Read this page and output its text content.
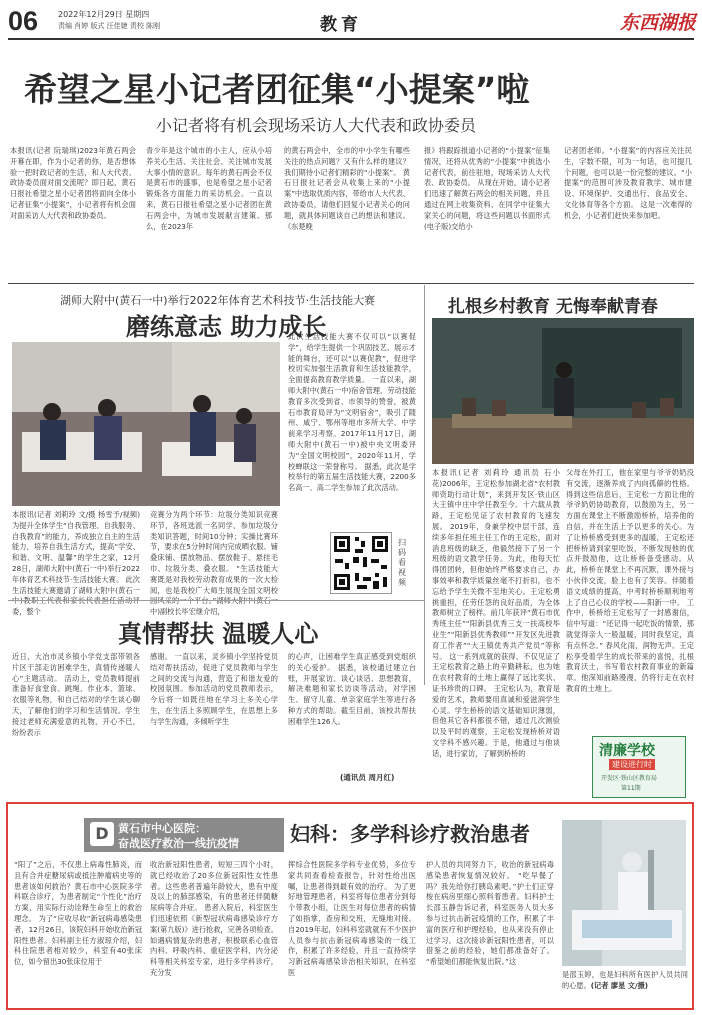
06 2022年12月29日 星期四
责编 肖婷 版式 汪佳婕 责校 陈刚	教育	东西湖报
希望之星小记者团征集“小提案”啦
小记者将有机会现场采访人大代表和政协委员
本报讯(记者 阮瑞琪)2023年黄石两会开幕在即，作为小记者的你，是否想体验一把时政记者的生活，和人大代表、政协委员面对面交流呢？即日起，黄石日报社希望之星小记者团将面向全体小记者征集“小提案”，小记者将有机会面对面采访人大代表和政协委员。
青少年是这个城市的小主人，应从小培养关心生活、关注社会、关注城市发展大事小情的意识。每年的黄石两会不仅是黄石市的盛事，也是希望之星小记者锻炼各方面能力的采访机会。一直以来，黄石日报社希望之星小记者团在黄石两会中，为城市发展献言建策。那么，在2023年
的黄石两会中，全市的中小学生有哪些关注的热点问题？又有什么样的建议？我们期待小记者们精彩的“小提案”。 黄石日报社记者会从收集上来的“小提案”中选取优质内容，带给市人大代表、政协委员，请他们回复小记者关心的问题，就具体问题谈自己的想法和建议。《东楚晚
报》将跟踪报道小记者的“小提案”征集情况，还将从优秀的“小提案”中挑选小记者代表，前往驻地，现场采访人大代表、政协委员。 从现在开始，请小记者们迅速了解黄石两会的相关问题，并且通过在网上收集资料、在同学中征集大家关心的问题，将这些问题以书面形式(电子版)交给小
记者团老师。“小提案”的内容应关注民生，字数不限，可为一句话，也可提几个问题，也可以是一份完整的建议。“小提案”的范围可涉及教育教学、城市建设、环境保护、交通出行、食品安全、文化体育等各个方面。 这是一次难得的机会，小记者们赶快来参加吧。
湖师大附中(黄石一中)举行2022年体育艺术科技节·生活技能大赛
磨练意志 助力成长
本报讯(记者 刘莉玲 文/摄 杨雪予/视频)为提升全体学生“自我管理、自我服务、自我教育”的能力，养成独立自主的生活能力，培养自我生活方式，提高“学安、和谐、文明、温馨”的学生之家，12月28日，湖师大附中(黄石一中)举行2022年体育艺术科技节·生活技能大赛。 此次生活技能大赛邀请了湖师大附中(黄石一 委，整个
竞赛分为两个环节：垃圾分类知识竞赛环节，各班选派一名同学，参加垃圾分类知识答题，时间10分钟；实操比赛环节，要求在5分钟时间内完成晒衣服、铺叠床铺、摆放物品、摆放鞋子、悬挂毛巾、垃圾分类、叠衣服。 “生活技能大赛既是对我校劳动教育成果的一次大检阅，也是我校广大师生展现全国文明校 中)副校长毕宏继介绍，
此次生活技能大赛不仅可以“以赛促学”，给学生提供一个巩固技艺、展示才能的舞台，还可以“以赛促教”，促进学校切实加强生活教育和生活技能教学，全面提高教育教学质量。 一直以来，湖师大附中(黄石一中)宿舍管理、劳动技能教育多次受到省、市领导的赞誉，被黄石市教育局评为“文明宿舍”，吸引了随州、咸宁、鄂州等地市多所大学、中学前来学习考察。2017年11月17日，湖师大附中(黄石一中)被中央文明委评为“全国文明校园”，2020年11月，学校蝉联这一荣誉称号。 据悉，此次是学校举行的第五届生活技能大赛，2200多名高一、高二学生参加了此次活动。
扫码看视频
扎根乡村教育 无悔奉献青春
本报讯(记者 刘莉玲 通讯员 石小花)2006年，王定松参加湖北省“农村教师资助行动计划”，来到开发区·铁山区大王镇中庄中学任教至今。十六载从教路，王定松见证了农村教育的飞速发展。 2019年，身兼学校中层干部，连续多年担任班主任工作的王定松，面对消息班级的缺乏，他毅然接下了另一个班级的语文教学任务。为此，他每天忙得团团转，但他始终严格要求自己，办事效率和教学质量丝毫不打折扣，也不忘给予学生关微不至地关心。王定松勇挑重担，任劳任怨的良好品质，为全体教师树立了榜样。前几年获评“黄石市优秀班主任”“阳新县优秀三支一扶高校毕业生”“阳新县优秀教师”“开发区先进教育工作者”“大王镇优秀共产党员”等称号。 这一系列成就的获得，不仅见证了王定松教育之路上的辛勤耕耘，也为她在农村教育的土地上赢得了远比奖状、证书珍贵的口碑。 王定松认为，教育是爱的艺术，教师要用真诚和爱滋润学生心灵。学生桥桥的语文基础知识薄弱，但他其它各科都很不错，通过几次测验以及平时的观察，王定松发现桥桥对语文学科不感兴趣。于是，他通过与他谈话，进行家访，了解到桥桥的
父母在外打工，他在家里与爷爷奶奶没有交流，逐渐养成了内向孤僻的性格。 得到这些信息后，王定松一方面让他的爷爷奶奶协助教育，以鼓励为主，另一方面在课堂上不断激励桥桥，培养他的自信，并在生活上予以更多的关心。为了让桥桥感受到更多的温暖，王定松还把桥桥请到家里吃饭，不断发现他的优点并鼓励他，这让桥桥备受感动。从此，桥桥在课堂上不再沉默，课外接与小伙伴交流，脸上也有了笑容。伴随着语文成绩的提高，中考时桥桥顺利地考上了自己心仪的学校——阳新一中。 工作中，桥桥给王定松写了一封感谢信，信中写道：“还记得一起吃饭的情景，那就觉得亲人一般温暖，同时我坚定，真有点怀念。” 春风化雨，润物无声。王定松享受着学生的成长带来的喜悦，扎根教育沃土，书写着农村教育事业的新篇章。他深知前路漫漫，仍将行走在农村教育的土地上。
清廉学校
建设进行时
开发区·铁山区教育局
第11期
真情帮扶 温暖人心
近日，大冶市灵乡镇小学党支部带领各片区干部走访困难学生，真情传递暖人心”主题活动。 活动上，党员教师提前准备好食堂食、跳绳、作业本、篮球、衣服等礼物，和自己结对的学生谈心聊天，了解他们的学习和生活情况。学生接过老师充满爱意的礼物，开心不已，纷纷表示
感谢。 一直以来，灵乡镇小学坚持党员结对帮扶活动，促进了党员教师与学生之间的交流与沟通，营造了和谐友爱的校园氛围。参加活动的党员教师表示，今后将一如既往地在学习上多关心学生，在生活上多照顾学生，在思想上多与学生沟通，多倾听学生
的心声，让困难学生真正感受到党组织的关心爱护。 据悉，该校通过建立台账，开展家访、谈心谈话、思想教育，解决难题和家长访谈等活动，对学困生、留守儿童、单亲家庭学生等进行各种方式的帮助。截至目前，该校共帮扶困难学生126人。
(通讯员 周月红)
D 黄石市中心医院：
奋战医疗救治一线抗疫情	妇科：多学科诊疗救治患者
“阳了”之后，不仅患上病毒性肺炎，而且有合并症糖尿病或抵注肿瘤病史等的患者该如何救治？黄石市中心医院多学科联合诊疗，为患者制定“个性化”治疗方案，用实际行动诠释生命至上的救治理念。 为了“应收尽收”新冠病毒感染患者，12月26日，该院妇科开始收治新冠阳性患者。妇科副主任方淑琼介绍，妇科住院患者相对较少，科室有40张床位，如今留出30张床位用于
收治新冠阳性患者，短短三四个小时，就已经收治了20多位新冠阳性女性患者。这些患者普遍年龄较大，患有中度及以上的肺部感染，有的患者还伴随糖尿病等合并症。 患者入院后，科室医生们迅速依照《新型冠状病毒感染诊疗方案(第九版)》进行抢救，完善各项检查。如遇病情复杂的患者，积极联系心血管内科、呼吸内科、重症医学科、内分泌科等相关科室专家，进行多学科诊疗，充分发
挥综合性医院多学科专业优势，多位专家共同查看检查报告，针对性给出医嘱，让患者得到最有效的治疗。 为了更好地管理患者，科室将每位患者分到每个带教小组，让医生对每位患者的病情了如指掌，查房和交班，无缝地对接。 自2019年起，妇科科室就就有不少医护人员参与抗击新冠病毒感染的一线工作，积累了许多经验，并且一直持续学习新冠病毒感染诊治相关知识，在科室医
护人员的共同努力下，收治的新冠病毒感染患者恢复情况较好。 “吃早餐了吗？我先给你打胰岛素吧。”护士们正穿梭在病房里细心照料着患者。妇科护士长邵玉静告诉记者，科室医务人员大多参与过抗击新冠疫情的工作，积累了丰富的医疗和护理经验，也从来没有停止过学习。这次接诊新冠阳性患者，可以借鉴之前的经验，她们都准备好了。 “希望她们都能恢复出院。”这
是邵玉婷，也是妇科所有医护人员共同的心愿。(记者 廖星 文/摄)
